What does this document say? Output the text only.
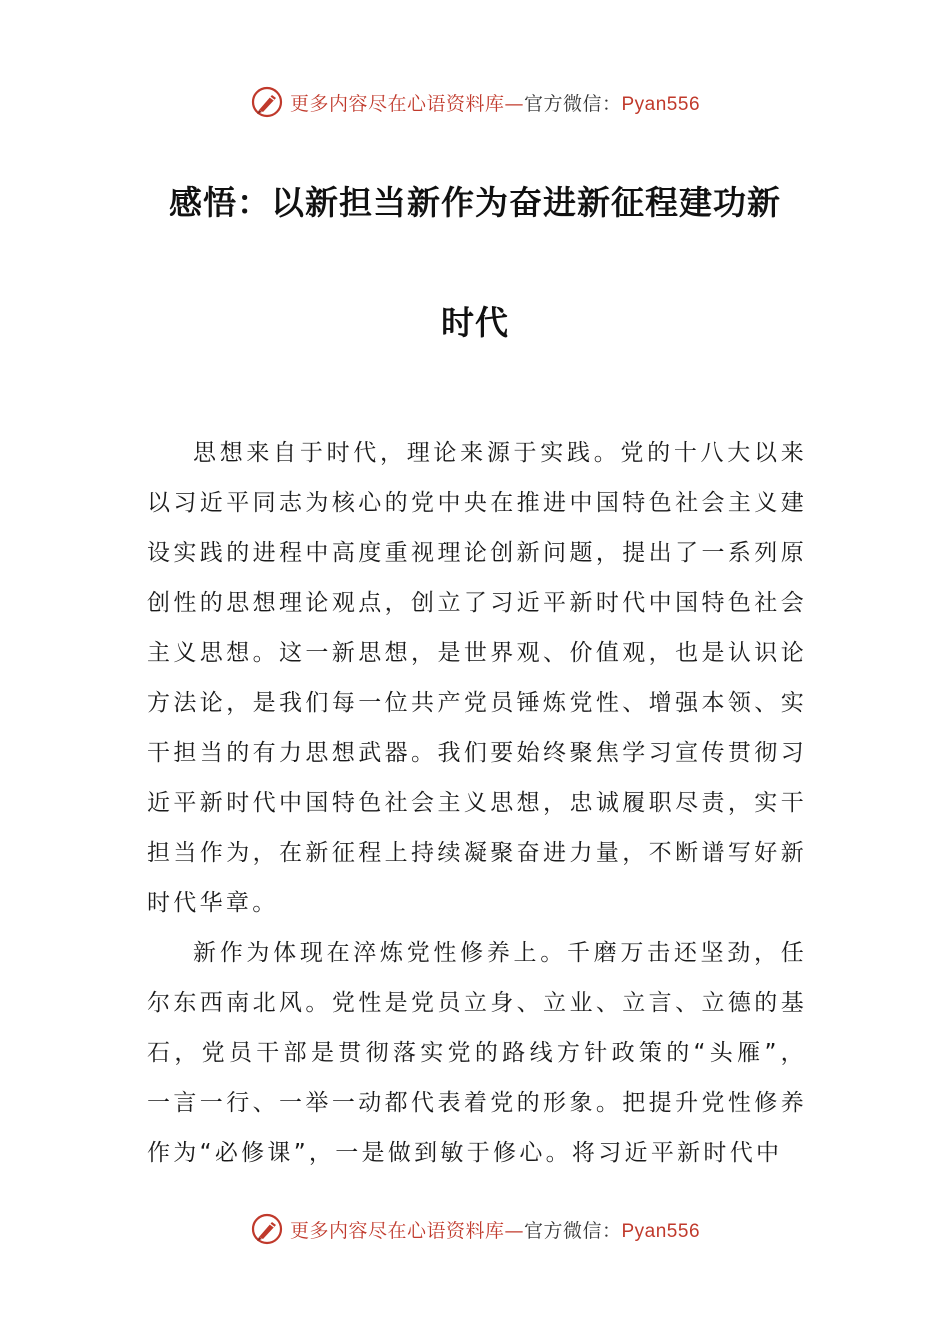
更多内容尽在心语资料库—官方微信：Pyan556
感悟：以新担当新作为奋进新征程建功新
时代

思想来自于时代，理论来源于实践。党的十八大以来以习近平同志为核心的党中央在推进中国特色社会主义建设实践的进程中高度重视理论创新问题，提出了一系列原创性的思想理论观点，创立了习近平新时代中国特色社会主义思想。这一新思想，是世界观、价值观，也是认识论方法论，是我们每一位共产党员锤炼党性、增强本领、实干担当的有力思想武器。我们要始终聚焦学习宣传贯彻习近平新时代中国特色社会主义思想，忠诚履职尽责，实干担当作为，在新征程上持续凝聚奋进力量，不断谱写好新时代华章。

新作为体现在淬炼党性修养上。千磨万击还坚劲，任尔东西南北风。党性是党员立身、立业、立言、立德的基石，党员干部是贯彻落实党的路线方针政策的“头雁”，一言一行、一举一动都代表着党的形象。把提升党性修养作为“必修课”，一是做到敏于修心。将习近平新时代中

更多内容尽在心语资料库—官方微信：Pyan556
